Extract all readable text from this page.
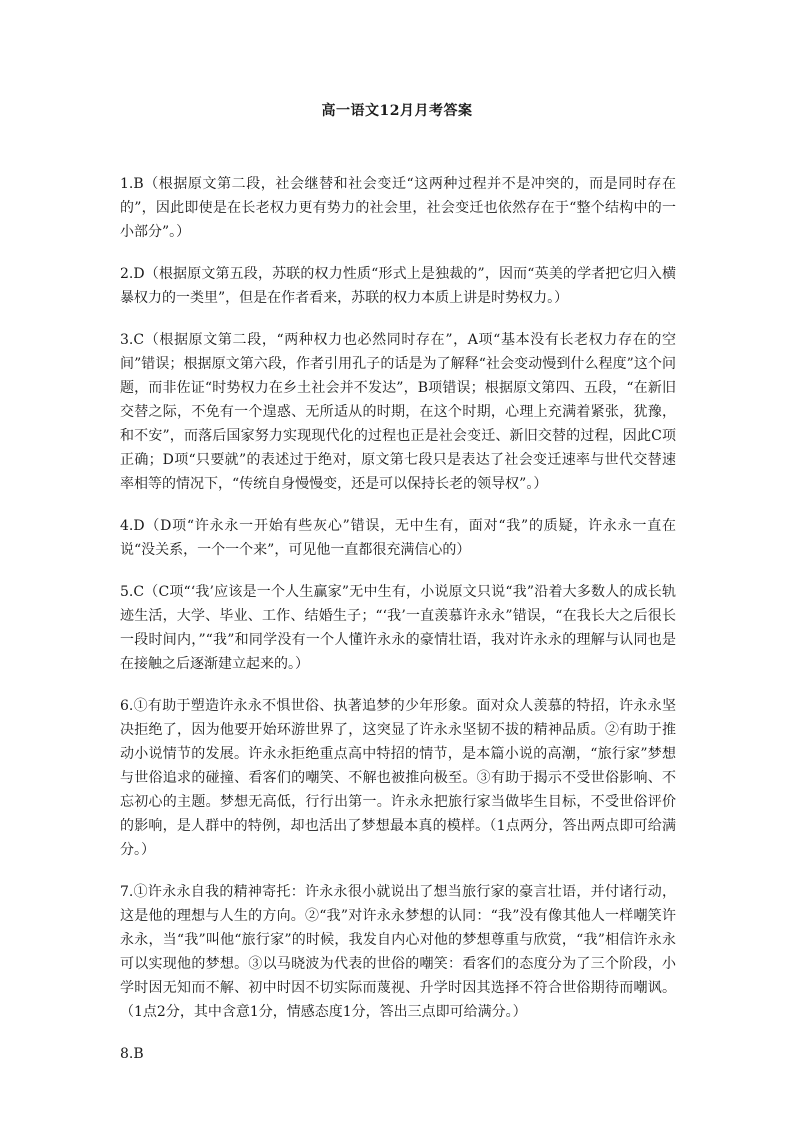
高一语文12月月考答案

1.B（根据原文第二段，社会继替和社会变迁“这两种过程并不是冲突的，而是同时存在的”，因此即使是在长老权力更有势力的社会里，社会变迁也依然存在于“整个结构中的一小部分”。）

2.D（根据原文第五段，苏联的权力性质“形式上是独裁的”，因而“英美的学者把它归入横暴权力的一类里”，但是在作者看来，苏联的权力本质上讲是时势权力。）

3.C（根据原文第二段，“两种权力也必然同时存在”，A项“基本没有长老权力存在的空间”错误；根据原文第六段，作者引用孔子的话是为了解释“社会变动慢到什么程度”这个问题，而非佐证“时势权力在乡土社会并不发达”，B项错误；根据原文第四、五段，“在新旧交替之际，不免有一个遑惑、无所适从的时期，在这个时期，心理上充满着紧张，犹豫，和不安”，而落后国家努力实现现代化的过程也正是社会变迁、新旧交替的过程，因此C项正确；D项“只要就”的表述过于绝对，原文第七段只是表达了社会变迁速率与世代交替速率相等的情况下，“传统自身慢慢变，还是可以保持长老的领导权”。）

4.D（D项“许永永一开始有些灰心”错误，无中生有，面对“我”的质疑，许永永一直在说“没关系，一个一个来”，可见他一直都很充满信心的）

5.C（C项“‘我’应该是一个人生赢家”无中生有，小说原文只说“我”沿着大多数人的成长轨迹生活，大学、毕业、工作、结婚生子；“‘我’一直羡慕许永永”错误，“在我长大之后很长一段时间内，”“我”和同学没有一个人懂许永永的豪情壮语，我对许永永的理解与认同也是在接触之后逐渐建立起来的。）

6.①有助于塑造许永永不惧世俗、执著追梦的少年形象。面对众人羡慕的特招，许永永坚决拒绝了，因为他要开始环游世界了，这突显了许永永坚韧不拔的精神品质。②有助于推动小说情节的发展。许永永拒绝重点高中特招的情节，是本篇小说的高潮，“旅行家”梦想与世俗追求的碰撞、看客们的嘲笑、不解也被推向极至。③有助于揭示不受世俗影响、不忘初心的主题。梦想无高低，行行出第一。许永永把旅行家当做毕生目标，不受世俗评价的影响，是人群中的特例，却也活出了梦想最本真的模样。（1点两分，答出两点即可给满分。）

7.①许永永自我的精神寄托：许永永很小就说出了想当旅行家的豪言壮语，并付诸行动，这是他的理想与人生的方向。②“我”对许永永梦想的认同：“我”没有像其他人一样嘲笑许永永，当“我”叫他“旅行家”的时候，我发自内心对他的梦想尊重与欣赏，“我”相信许永永可以实现他的梦想。③以马晓波为代表的世俗的嘲笑：看客们的态度分为了三个阶段，小学时因无知而不解、初中时因不切实际而蔑视、升学时因其选择不符合世俗期待而嘲讽。（1点2分，其中含意1分，情感态度1分，答出三点即可给满分。）

8.B
